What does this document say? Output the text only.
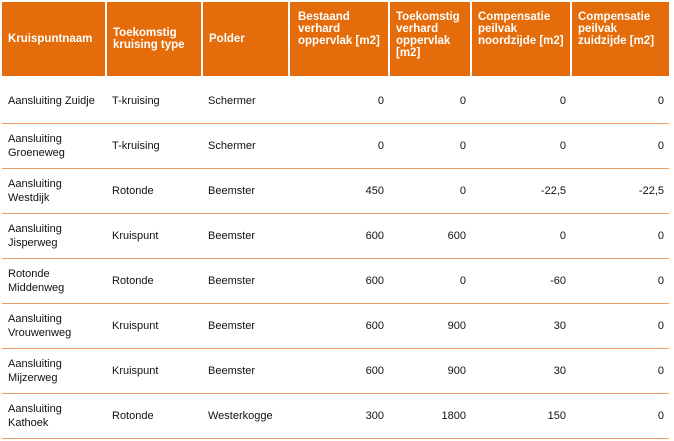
Kruispuntnaam	Toekomstig kruising type	Polder	Bestaand verhard oppervlak [m2]	Toekomstig verhard oppervlak [m2]	Compensatie peilvak noordzijde [m2]	Compensatie peilvak zuidzijde [m2]
Aansluiting Zuidje	T-kruising	Schermer	0	0	0	0
Aansluiting Groeneweg	T-kruising	Schermer	0	0	0	0
Aansluiting Westdijk	Rotonde	Beemster	450	0	-22,5	-22,5
Aansluiting Jisperweg	Kruispunt	Beemster	600	600	0	0
Rotonde Middenweg	Rotonde	Beemster	600	0	-60	0
Aansluiting Vrouwenweg	Kruispunt	Beemster	600	900	30	0
Aansluiting Mijzerweg	Kruispunt	Beemster	600	900	30	0
Aansluiting Kathoek	Rotonde	Westerkogge	300	1800	150	0
